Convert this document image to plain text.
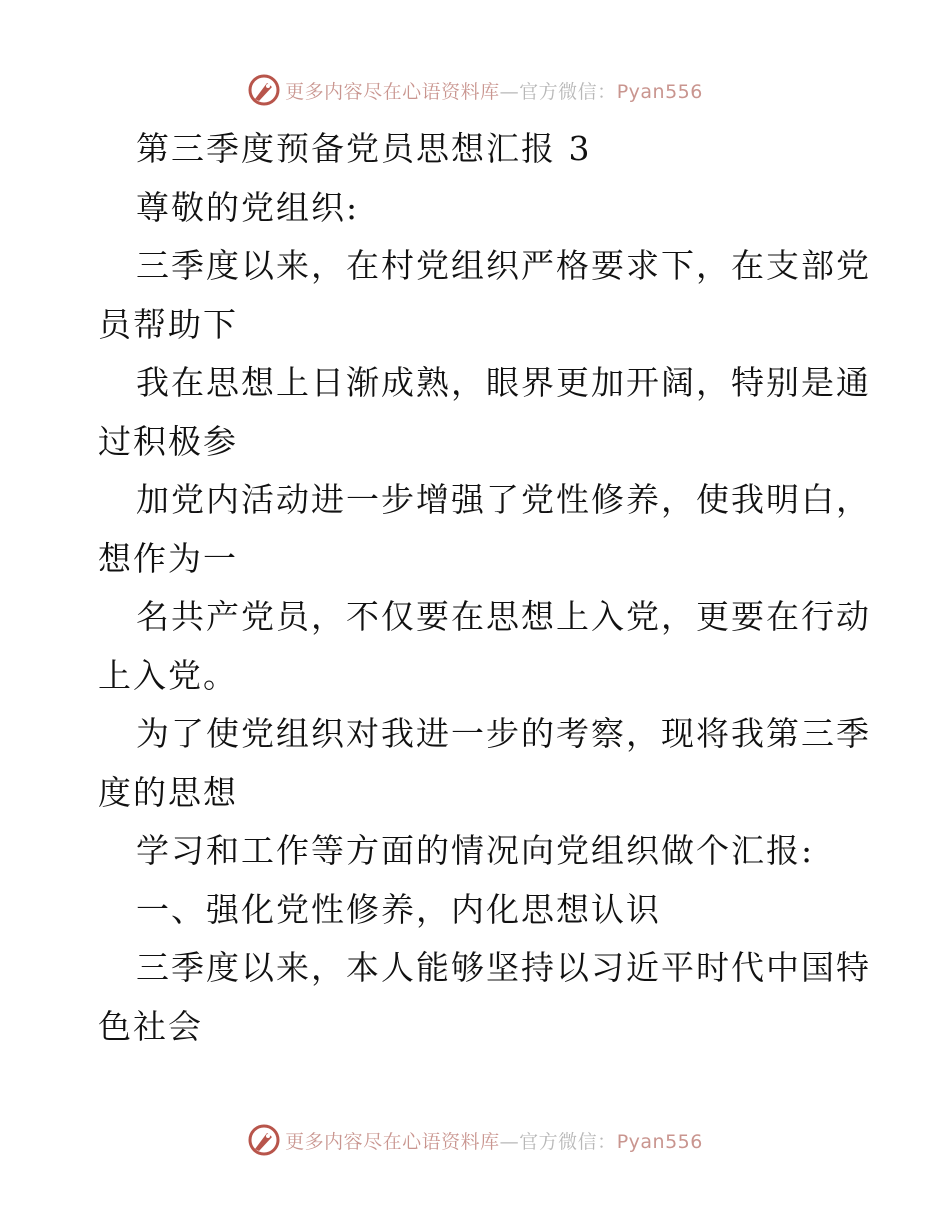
更多内容尽在心语资料库—官方微信：Pyan556
第三季度预备党员思想汇报 3
尊敬的党组织:
三季度以来，在村党组织严格要求下，在支部党
员帮助下
我在思想上日渐成熟，眼界更加开阔，特别是通
过积极参
加党内活动进一步增强了党性修养，使我明白，
想作为一
名共产党员，不仅要在思想上入党，更要在行动
上入党。
为了使党组织对我进一步的考察，现将我第三季
度的思想
学习和工作等方面的情况向党组织做个汇报:
一、强化党性修养，内化思想认识
三季度以来，本人能够坚持以习近平时代中国特
色社会
更多内容尽在心语资料库—官方微信：Pyan556
